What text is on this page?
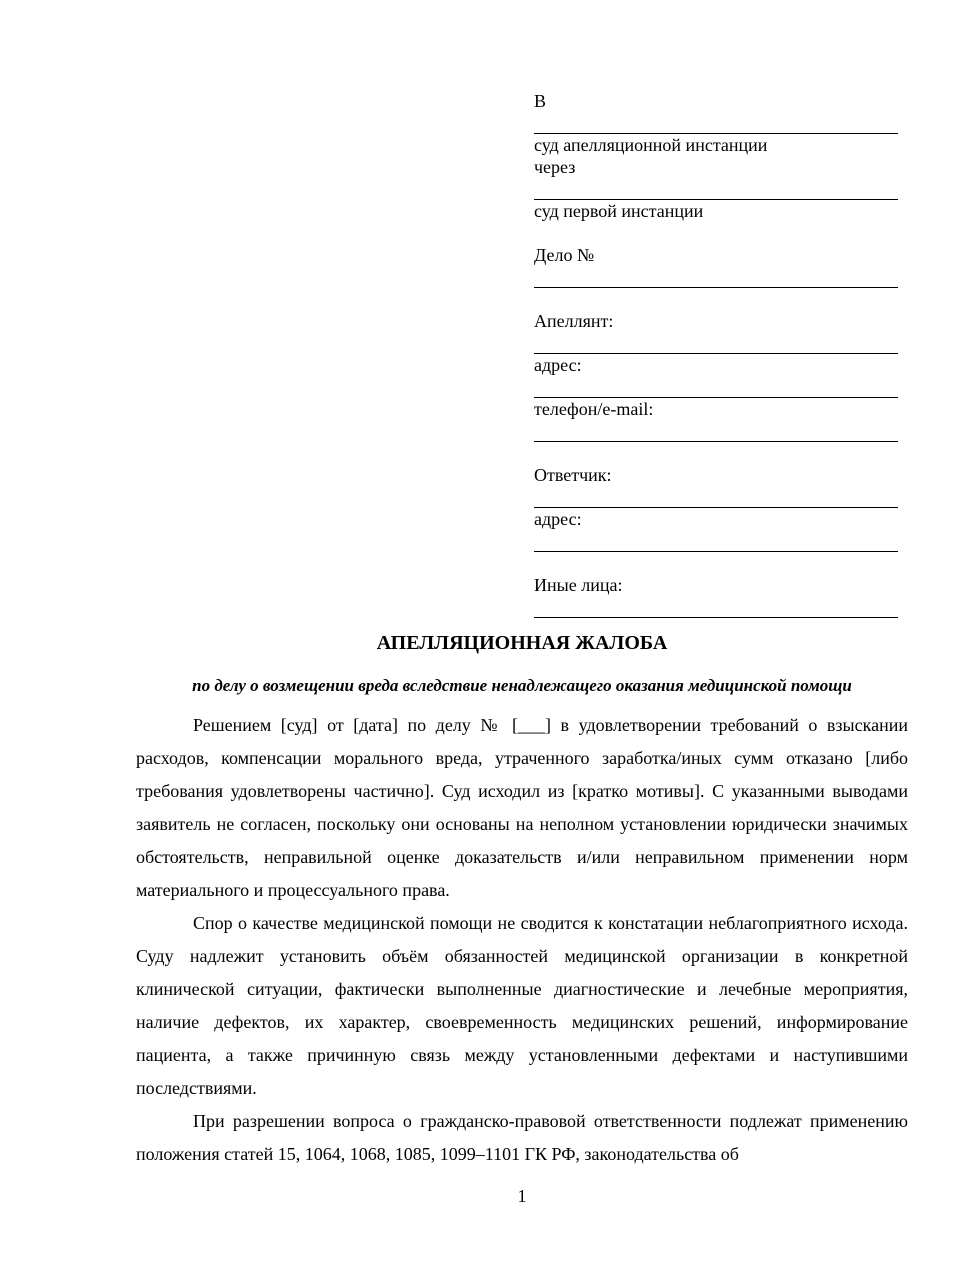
В
суд апелляционной инстанции
через
суд первой инстанции
Дело №
Апеллянт:
адрес:
телефон/e-mail:
Ответчик:
адрес:
Иные лица:
АПЕЛЛЯЦИОННАЯ ЖАЛОБА
по делу о возмещении вреда вследствие ненадлежащего оказания медицинской помощи

Решением [суд] от [дата] по делу № [___] в удовлетворении требований о взыскании расходов, компенсации морального вреда, утраченного заработка/иных сумм отказано [либо требования удовлетворены частично]. Суд исходил из [кратко мотивы]. С указанными выводами заявитель не согласен, поскольку они основаны на неполном установлении юридически значимых обстоятельств, неправильной оценке доказательств и/или неправильном применении норм материального и процессуального права.

Спор о качестве медицинской помощи не сводится к констатации неблагоприятного исхода. Суду надлежит установить объём обязанностей медицинской организации в конкретной клинической ситуации, фактически выполненные диагностические и лечебные мероприятия, наличие дефектов, их характер, своевременность медицинских решений, информирование пациента, а также причинную связь между установленными дефектами и наступившими последствиями.

При разрешении вопроса о гражданско-правовой ответственности подлежат применению положения статей 15, 1064, 1068, 1085, 1099–1101 ГК РФ, законодательства об

1
